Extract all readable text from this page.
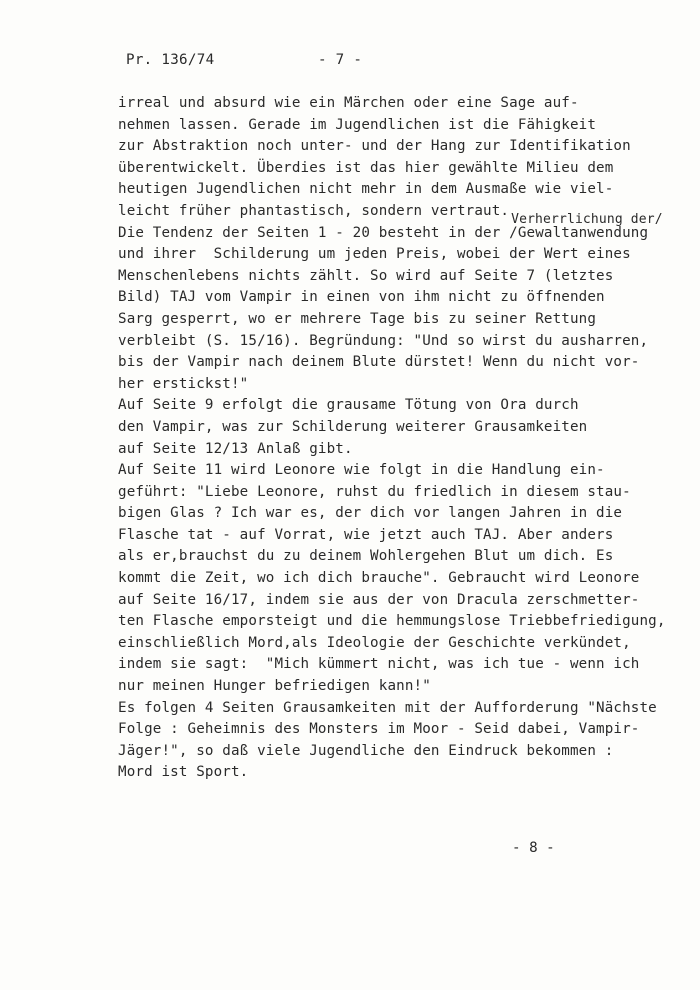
Pr. 136/74	- 7 -
irreal und absurd wie ein Märchen oder eine Sage auf-
nehmen lassen. Gerade im Jugendlichen ist die Fähigkeit
zur Abstraktion noch unter- und der Hang zur Identifikation
überentwickelt. Überdies ist das hier gewählte Milieu dem
heutigen Jugendlichen nicht mehr in dem Ausmaße wie viel-
leicht früher phantastisch, sondern vertraut.
Die Tendenz der Seiten 1 - 20 besteht in der
Verherrlichung der/
/Gewaltanwendung
und ihrer  Schilderung um jeden Preis, wobei der Wert eines
Menschenlebens nichts zählt. So wird auf Seite 7 (letztes
Bild) TAJ vom Vampir in einen von ihm nicht zu öffnenden
Sarg gesperrt, wo er mehrere Tage bis zu seiner Rettung
verbleibt (S. 15/16). Begründung: "Und so wirst du ausharren,
bis der Vampir nach deinem Blute dürstet! Wenn du nicht vor-
her erstickst!"
Auf Seite 9 erfolgt die grausame Tötung von Ora durch
den Vampir, was zur Schilderung weiterer Grausamkeiten
auf Seite 12/13 Anlaß gibt.
Auf Seite 11 wird Leonore wie folgt in die Handlung ein-
geführt: "Liebe Leonore, ruhst du friedlich in diesem stau-
bigen Glas ? Ich war es, der dich vor langen Jahren in die
Flasche tat - auf Vorrat, wie jetzt auch TAJ. Aber anders
als er,brauchst du zu deinem Wohlergehen Blut um dich. Es
kommt die Zeit, wo ich dich brauche". Gebraucht wird Leonore
auf Seite 16/17, indem sie aus der von Dracula zerschmetter-
ten Flasche emporsteigt und die hemmungslose Triebbefriedigung,
einschließlich Mord,als Ideologie der Geschichte verkündet,
indem sie sagt:  "Mich kümmert nicht, was ich tue - wenn ich
nur meinen Hunger befriedigen kann!"
Es folgen 4 Seiten Grausamkeiten mit der Aufforderung "Nächste
Folge : Geheimnis des Monsters im Moor - Seid dabei, Vampir-
Jäger!", so daß viele Jugendliche den Eindruck bekommen :
Mord ist Sport.
- 8 -
